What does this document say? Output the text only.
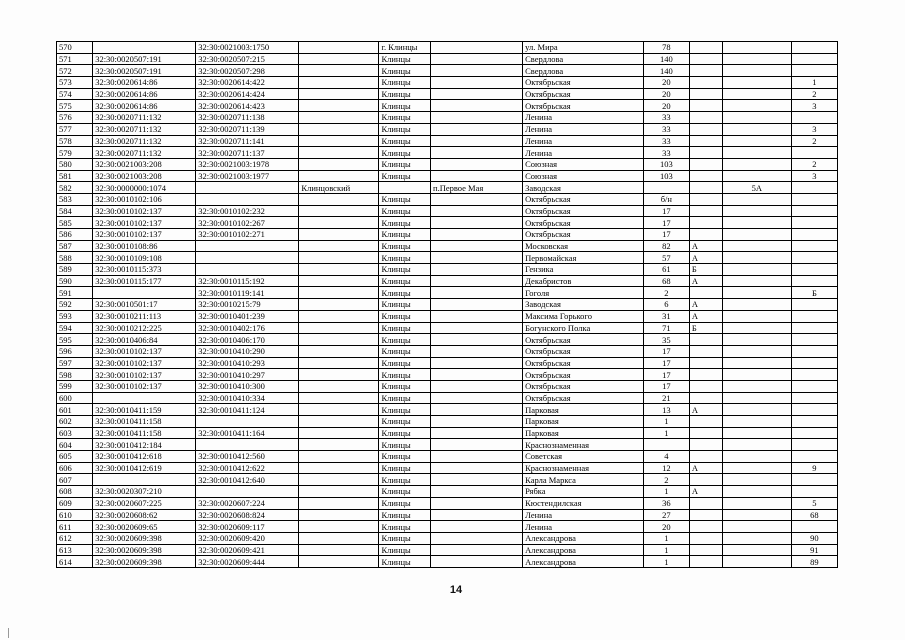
570		32:30:0021003:1750		г. Клинцы		ул. Мира	78			
571	32:30:0020507:191	32:30:0020507:215		Клинцы		Свердлова	140			
572	32:30:0020507:191	32:30:0020507:298		Клинцы		Свердлова	140			
573	32:30:0020614:86	32:30:0020614:422		Клинцы		Октябрьская	20			1
574	32:30:0020614:86	32:30:0020614:424		Клинцы		Октябрьская	20			2
575	32:30:0020614:86	32:30:0020614:423		Клинцы		Октябрьская	20			3
576	32:30:0020711:132	32:30:0020711:138		Клинцы		Ленина	33			
577	32:30:0020711:132	32:30:0020711:139		Клинцы		Ленина	33			3
578	32:30:0020711:132	32:30:0020711:141		Клинцы		Ленина	33			2
579	32:30:0020711:132	32:30:0020711:137		Клинцы		Ленина	33			
580	32:30:0021003:208	32:30:0021003:1978		Клинцы		Союзная	103			2
581	32:30:0021003:208	32:30:0021003:1977		Клинцы		Союзная	103			3
582	32:30:0000000:1074		Клинцовский		п.Первое Мая	Заводская			5А	
583	32:30:0010102:106			Клинцы		Октябрьская	б/н			
584	32:30:0010102:137	32:30:0010102:232		Клинцы		Октябрьская	17			
585	32:30:0010102:137	32:30:0010102:267		Клинцы		Октябрьская	17			
586	32:30:0010102:137	32:30:0010102:271		Клинцы		Октябрьская	17			
587	32:30:0010108:86			Клинцы		Московская	82	А		
588	32:30:0010109:108			Клинцы		Первомайская	57	А		
589	32:30:0010115:373			Клинцы		Гензика	61	Б		
590	32:30:0010115:177	32:30:0010115:192		Клинцы		Декабристов	68	А		
591		32:30:0010119:141		Клинцы		Гоголя	2			Б
592	32:30:0010501:17	32:30:0010215:79		Клинцы		Заводская	6	А		
593	32:30:0010211:113	32:30:0010401:239		Клинцы		Максима Горького	31	А		
594	32:30:0010212:225	32:30:0010402:176		Клинцы		Богунского Полка	71	Б		
595	32:30:0010406:84	32:30:0010406:170		Клинцы		Октябрьская	35			
596	32:30:0010102:137	32:30:0010410:290		Клинцы		Октябрьская	17			
597	32:30:0010102:137	32:30:0010410:293		Клинцы		Октябрьская	17			
598	32:30:0010102:137	32:30:0010410:297		Клинцы		Октябрьская	17			
599	32:30:0010102:137	32:30:0010410:300		Клинцы		Октябрьская	17			
600		32:30:0010410:334		Клинцы		Октябрьская	21			
601	32:30:0010411:159	32:30:0010411:124		Клинцы		Парковая	13	А		
602	32:30:0010411:158			Клинцы		Парковая	1			
603	32:30:0010411:158	32:30:0010411:164		Клинцы		Парковая	1			
604	32:30:0010412:184			Клинцы		Краснознаменная				
605	32:30:0010412:618	32:30:0010412:560		Клинцы		Советская	4			
606	32:30:0010412:619	32:30:0010412:622		Клинцы		Краснознаменная	12	А		9
607		32:30:0010412:640		Клинцы		Карла Маркса	2			
608	32:30:0020307:210			Клинцы		Рябка	1	А		
609	32:30:0020607:225	32:30:0020607:224		Клинцы		Кюстендилская	36			5
610	32:30:0020608:62	32:30:0020608:824		Клинцы		Ленина	27			68
611	32:30:0020609:65	32:30:0020609:117		Клинцы		Ленина	20			
612	32:30:0020609:398	32:30:0020609:420		Клинцы		Александрова	1			90
613	32:30:0020609:398	32:30:0020609:421		Клинцы		Александрова	1			91
614	32:30:0020609:398	32:30:0020609:444		Клинцы		Александрова	1			89
14
